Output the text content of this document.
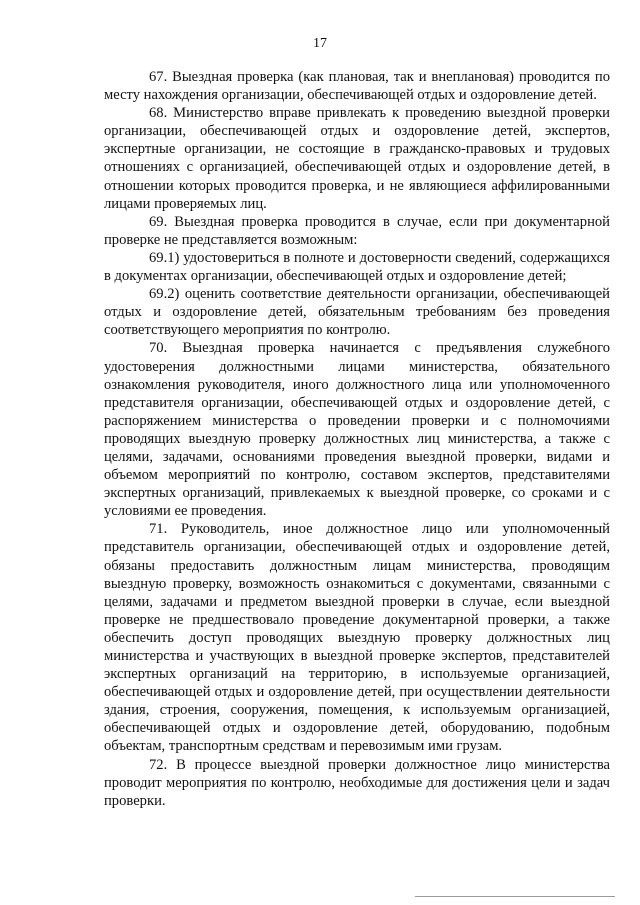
17

67. Выездная проверка (как плановая, так и внеплановая) проводится по месту нахождения организации, обеспечивающей отдых и оздоровление детей.

68. Министерство вправе привлекать к проведению выездной проверки организации, обеспечивающей отдых и оздоровление детей, экспертов, экспертные организации, не состоящие в гражданско-правовых и трудовых отношениях с организацией, обеспечивающей отдых и оздоровление детей, в отношении которых проводится проверка, и не являющиеся аффилированными лицами проверяемых лиц.

69. Выездная проверка проводится в случае, если при документарной проверке не представляется возможным:

69.1) удостовериться в полноте и достоверности сведений, содержащихся в документах организации, обеспечивающей отдых и оздоровление детей;

69.2) оценить соответствие деятельности организации, обеспечивающей отдых и оздоровление детей, обязательным требованиям без проведения соответствующего мероприятия по контролю.

70. Выездная проверка начинается с предъявления служебного удостоверения должностными лицами министерства, обязательного ознакомления руководителя, иного должностного лица или уполномоченного представителя организации, обеспечивающей отдых и оздоровление детей, с распоряжением министерства о проведении проверки и с полномочиями проводящих выездную проверку должностных лиц министерства, а также с целями, задачами, основаниями проведения выездной проверки, видами и объемом мероприятий по контролю, составом экспертов, представителями экспертных организаций, привлекаемых к выездной проверке, со сроками и с условиями ее проведения.

71. Руководитель, иное должностное лицо или уполномоченный представитель организации, обеспечивающей отдых и оздоровление детей, обязаны предоставить должностным лицам министерства, проводящим выездную проверку, возможность ознакомиться с документами, связанными с целями, задачами и предметом выездной проверки в случае, если выездной проверке не предшествовало проведение документарной проверки, а также обеспечить доступ проводящих выездную проверку должностных лиц министерства и участвующих в выездной проверке экспертов, представителей экспертных организаций на территорию, в используемые организацией, обеспечивающей отдых и оздоровление детей, при осуществлении деятельности здания, строения, сооружения, помещения, к используемым организацией, обеспечивающей отдых и оздоровление детей, оборудованию, подобным объектам, транспортным средствам и перевозимым ими грузам.

72. В процессе выездной проверки должностное лицо министерства проводит мероприятия по контролю, необходимые для достижения цели и задач проверки.
